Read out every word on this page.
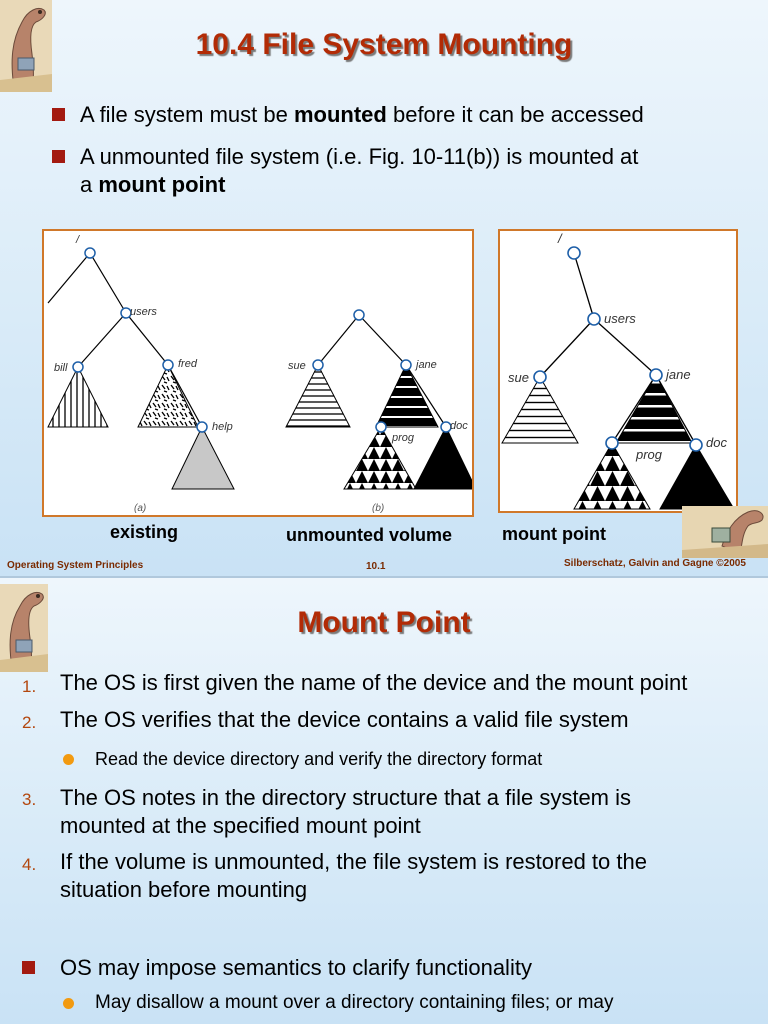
10.4 File System Mounting
A file system must be mounted before it can be accessed
A unmounted file system (i.e. Fig. 10-11(b)) is mounted at
a mount point
/
users
bill	fred
help
sue	jane
prog
doc
(a)	(b)
/
users
sue	jane
prog
doc
existing	unmounted volume	mount point
Operating System Principles	10.1	Silberschatz, Galvin and Gagne ©2005
Mount Point
1. The OS is first given the name of the device and the mount point
2. The OS verifies that the device contains a valid file system
Read the device directory and verify the directory format
3. The OS notes in the directory structure that a file system is
mounted at the specified mount point
4. If the volume is unmounted, the file system is restored to the
situation before mounting
OS may impose semantics to clarify functionality
May disallow a mount over a directory containing files; or may
